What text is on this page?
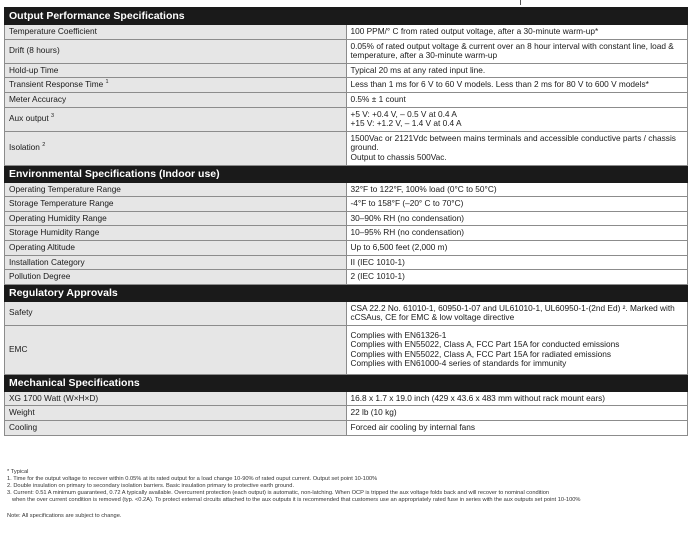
Output Performance Specifications	
Temperature Coefficient	100 PPM/° C from rated output voltage, after a 30-minute warm-up*

Drift (8 hours)	0.05% of rated output voltage & current over an 8 hour interval with constant line, load & temperature, after a 30-minute warm-up

Hold-up Time	Typical 20 ms at any rated input line.

Transient Response Time $^1$	Less than 1 ms for 6 V to 60 V models. Less than 2 ms for 80 V to 600 V models*

Meter Accuracy	0.5% ± 1 count

Aux output $^3$	+5 V: +0.4 V, – 0.5 V at 0.4 A
+15 V: +1.2 V, – 1.4 V at 0.4 A

Isolation $^2$	1500Vac or 2121Vdc between mains terminals and accessible conductive parts / chassis ground.
Output to chassis 500Vac.

Environmental Specifications (Indoor use)	
Operating Temperature Range	32°F to 122°F, 100% load (0°C to 50°C)

Storage Temperature Range	-4°F to 158°F (–20° C to 70°C)

Operating Humidity Range	30–90% RH (no condensation)

Storage Humidity Range	10–95% RH (no condensation)

Operating Altitude	Up to 6,500 feet (2,000 m)

Installation Category	II (IEC 1010-1)

Pollution Degree	2 (IEC 1010-1)

Regulatory Approvals	
Safety	CSA 22.2 No. 61010-1, 60950-1-07 and UL61010-1, UL60950-1-(2nd Ed) ². Marked with cCSAus, CE for EMC & low voltage directive

EMC	Complies with EN61326-1
Complies with EN55022, Class A, FCC Part 15A for conducted emissions
Complies with EN55022, Class A, FCC Part 15A for radiated emissions
Complies with EN61000-4 series of standards for immunity

Mechanical Specifications	
XG 1700 Watt (W×H×D)	16.8 x 1.7 x 19.0 inch (429 x 43.6 x 483 mm without rack mount ears)

Weight	22 lb (10 kg)

Cooling	Forced air cooling by internal fans

* Typical

1. Time for the output voltage to recover within 0.05% at its rated output for a load change 10-90% of rated ouput current. Output set point 10-100%

2. Double insulation on primary to secondary isolation barriers. Basic insulation primary to protective earth ground.

3. Current: 0.51 A minimum guaranteed, 0.72 A typically available. Overcurrent protection (each output) is automatic, non-latching. When OCP is tripped the aux voltage folds back and will recover to nominal condition

when the over current condition is removed (typ. <0.2A). To protect external circuits attached to the aux outputs it is recommended that customers use an appropriately rated fuse in series with the aux outputs set point 10-100%

Note: All specifications are subject to change.
